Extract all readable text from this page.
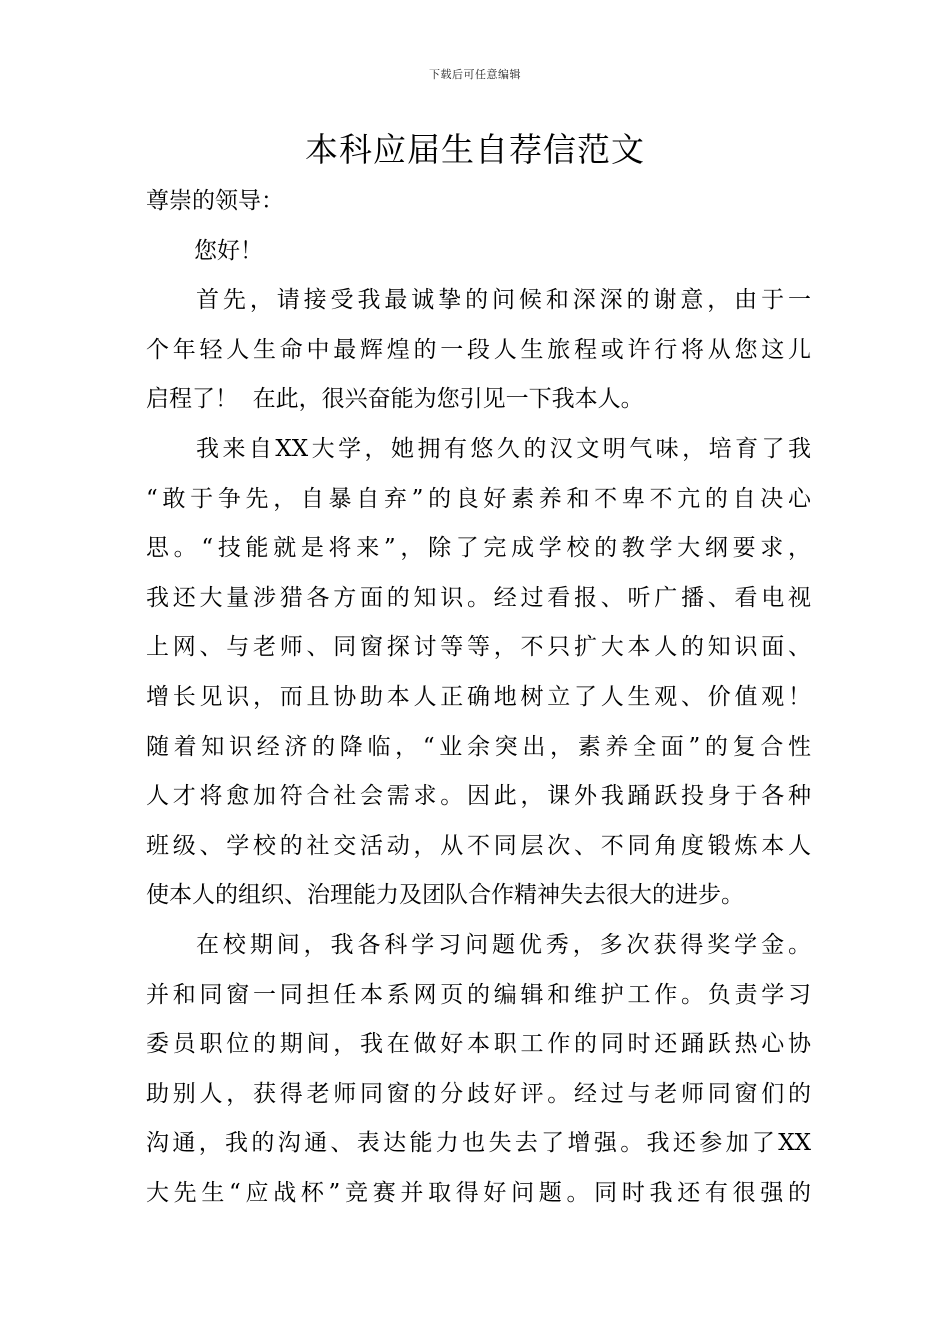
下载后可任意编辑
本科应届生自荐信范文
尊崇的领导：
您好！
首先，请接受我最诚挚的问候和深深的谢意，由于一
个年轻人生命中最辉煌的一段人生旅程或许行将从您这儿
启程了！  在此，很兴奋能为您引见一下我本人。
我来自XX大学，她拥有悠久的汉文明气味，培育了我
“敢于争先，自暴自弃”的良好素养和不卑不亢的自决心
思。“技能就是将来”，除了完成学校的教学大纲要求，
我还大量涉猎各方面的知识。经过看报、听广播、看电视
上网、与老师、同窗探讨等等，不只扩大本人的知识面、
增长见识，而且协助本人正确地树立了人生观、价值观！
随着知识经济的降临，“业余突出，素养全面”的复合性
人才将愈加符合社会需求。因此，课外我踊跃投身于各种
班级、学校的社交活动，从不同层次、不同角度锻炼本人
使本人的组织、治理能力及团队合作精神失去很大的进步。
在校期间，我各科学习问题优秀，多次获得奖学金。
并和同窗一同担任本系网页的编辑和维护工作。负责学习
委员职位的期间，我在做好本职工作的同时还踊跃热心协
助别人，获得老师同窗的分歧好评。经过与老师同窗们的
沟通，我的沟通、表达能力也失去了增强。我还参加了XX
大先生“应战杯”竞赛并取得好问题。同时我还有很强的
